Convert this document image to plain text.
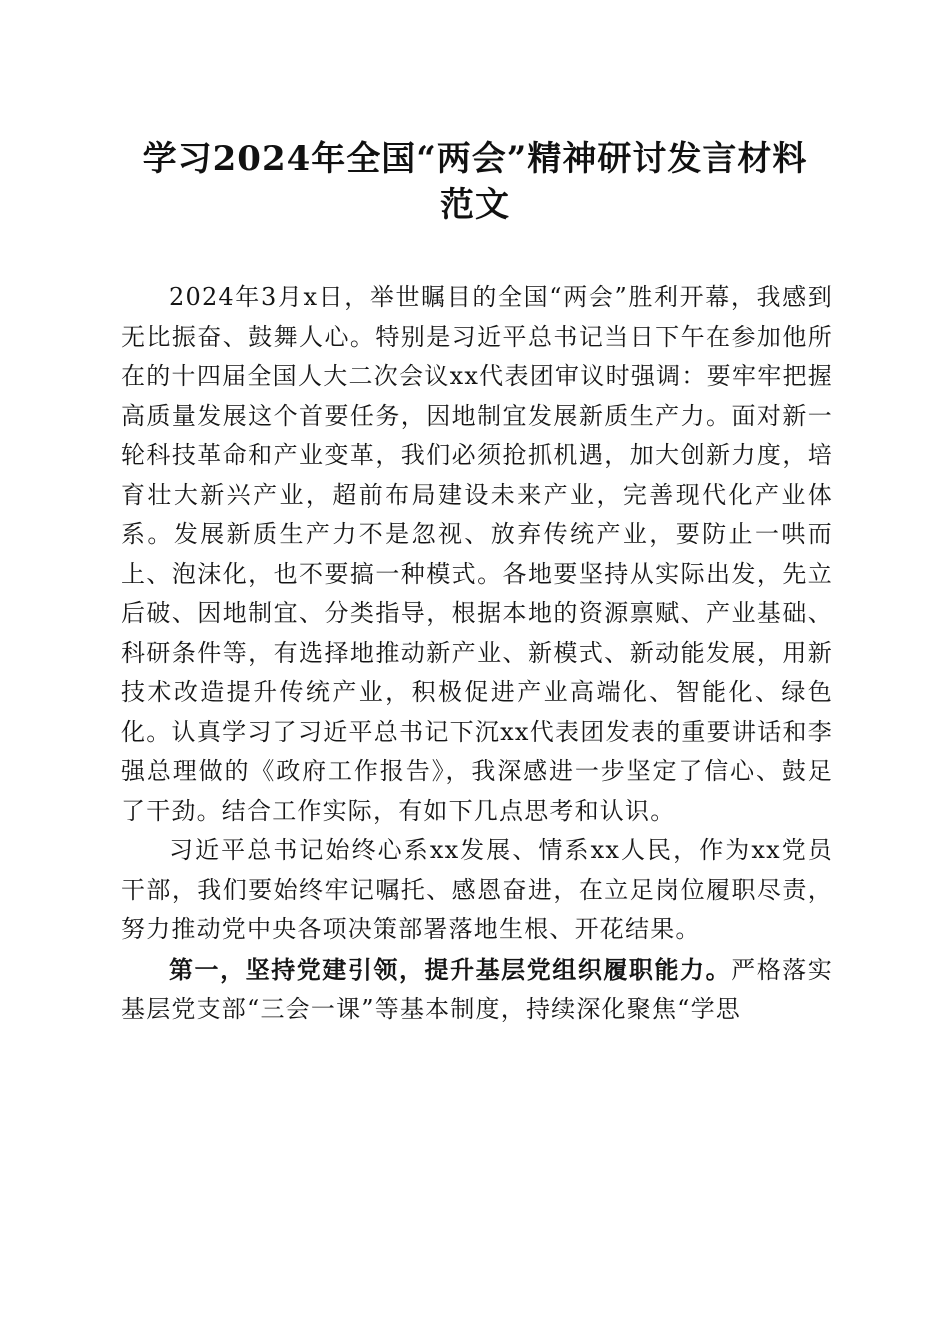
学习2024年全国“两会”精神研讨发言材料
范文

2024年3月x日，举世瞩目的全国“两会”胜利开幕，我感到无比振奋、鼓舞人心。特别是习近平总书记当日下午在参加他所在的十四届全国人大二次会议xx代表团审议时强调：要牢牢把握高质量发展这个首要任务，因地制宜发展新质生产力。面对新一轮科技革命和产业变革，我们必须抢抓机遇，加大创新力度，培育壮大新兴产业，超前布局建设未来产业，完善现代化产业体系。发展新质生产力不是忽视、放弃传统产业，要防止一哄而上、泡沫化，也不要搞一种模式。各地要坚持从实际出发，先立后破、因地制宜、分类指导，根据本地的资源禀赋、产业基础、科研条件等，有选择地推动新产业、新模式、新动能发展，用新技术改造提升传统产业，积极促进产业高端化、智能化、绿色化。认真学习了习近平总书记下沉xx代表团发表的重要讲话和李强总理做的《政府工作报告》，我深感进一步坚定了信心、鼓足了干劲。结合工作实际，有如下几点思考和认识。

习近平总书记始终心系xx发展、情系xx人民，作为xx党员干部，我们要始终牢记嘱托、感恩奋进，在立足岗位履职尽责，努力推动党中央各项决策部署落地生根、开花结果。

第一，坚持党建引领，提升基层党组织履职能力。严格落实基层党支部“三会一课”等基本制度，持续深化聚焦“学思
